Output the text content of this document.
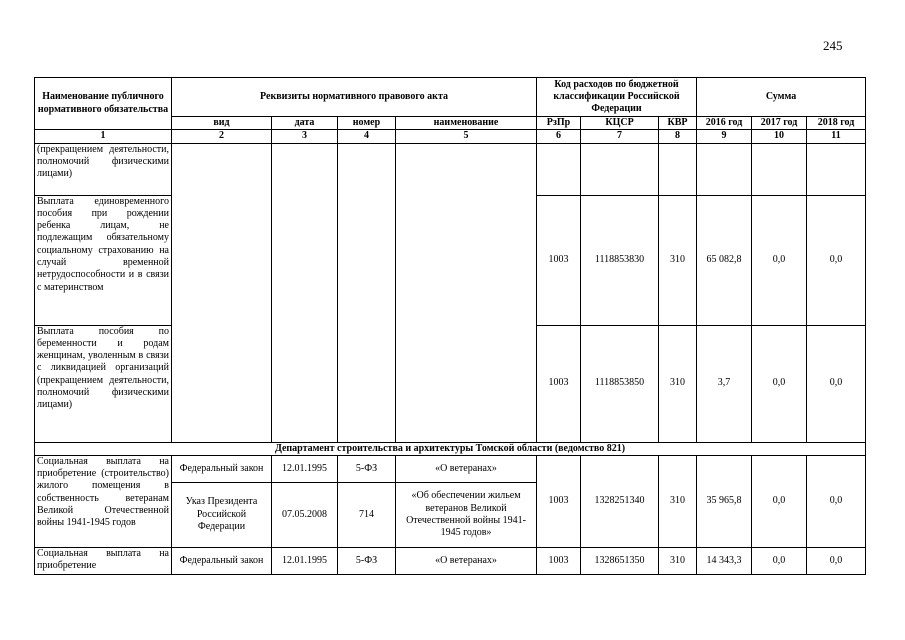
245
Наименование публичного нормативного обязательства	Реквизиты нормативного правового акта				Код расходов по бюджетной классификации Российской Федерации			Сумма		
	вид	дата	номер	наименование	РзПр	КЦСР	КВР	2016 год	2017 год	2018 год
1	2	3	4	5	6	7	8	9	10	11
(прекращением деятельности, полномочий физическими лицами)										
Выплата единовременного пособия при рождении ребенка лицам, не подлежащим обязательному социальному страхованию на случай временной нетрудоспособности и в связи с материнством					1003	1118853830	310	65 082,8	0,0	0,0
Выплата пособия по беременности и родам женщинам, уволенным в связи с ликвидацией организаций (прекращением деятельности, полномочий физическими лицами)					1003	1118853850	310	3,7	0,0	0,0
Департамент строительства и архитектуры Томской области (ведомство 821)										
Социальная выплата на приобретение (строительство) жилого помещения в собственность ветеранам Великой Отечественной войны 1941-1945 годов	Федеральный закон	12.01.1995	5-ФЗ	«О ветеранах»	1003	1328251340	310	35 965,8	0,0	0,0
	Указ Президента Российской Федерации	07.05.2008	714	«Об обеспечении жильем ветеранов Великой Отечественной войны 1941-1945 годов»						
Социальная выплата на приобретение	Федеральный закон	12.01.1995	5-ФЗ	«О ветеранах»	1003	1328651350	310	14 343,3	0,0	0,0
